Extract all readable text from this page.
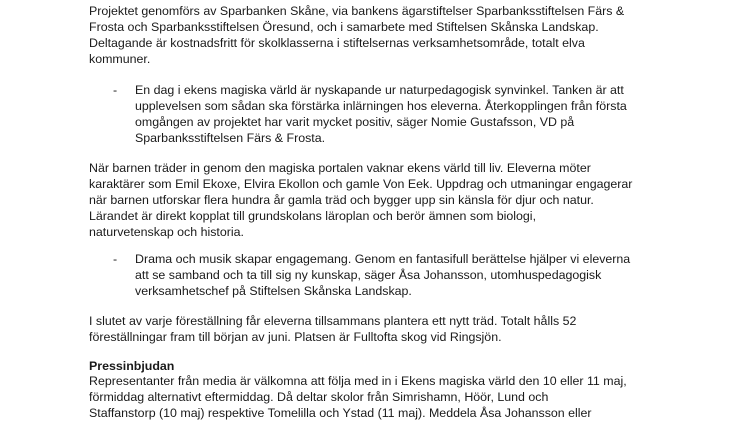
Projektet genomförs av Sparbanken Skåne, via bankens ägarstiftelser Sparbanksstiftelsen Färs &
Frosta och Sparbanksstiftelsen Öresund, och i samarbete med Stiftelsen Skånska Landskap.
Deltagande är kostnadsfritt för skolklasserna i stiftelsernas verksamhetsområde, totalt elva
kommuner.

- En dag i ekens magiska värld är nyskapande ur naturpedagogisk synvinkel. Tanken är att
upplevelsen som sådan ska förstärka inlärningen hos eleverna. Återkopplingen från första
omgången av projektet har varit mycket positiv, säger Nomie Gustafsson, VD på
Sparbanksstiftelsen Färs & Frosta.

När barnen träder in genom den magiska portalen vaknar ekens värld till liv. Eleverna möter
karaktärer som Emil Ekoxe, Elvira Ekollon och gamle Von Eek. Uppdrag och utmaningar engagerar
när barnen utforskar flera hundra år gamla träd och bygger upp sin känsla för djur och natur.
Lärandet är direkt kopplat till grundskolans läroplan och berör ämnen som biologi,
naturvetenskap och historia.

- Drama och musik skapar engagemang. Genom en fantasifull berättelse hjälper vi eleverna
att se samband och ta till sig ny kunskap, säger Åsa Johansson, utomhuspedagogisk
verksamhetschef på Stiftelsen Skånska Landskap.

I slutet av varje föreställning får eleverna tillsammans plantera ett nytt träd. Totalt hålls 52
föreställningar fram till början av juni. Platsen är Fulltofta skog vid Ringsjön.

Pressinbjudan

Representanter från media är välkomna att följa med in i Ekens magiska värld den 10 eller 11 maj,
förmiddag alternativt eftermiddag. Då deltar skolor från Simrishamn, Höör, Lund och
Staffanstorp (10 maj) respektive Tomelilla och Ystad (11 maj). Meddela Åsa Johansson eller
